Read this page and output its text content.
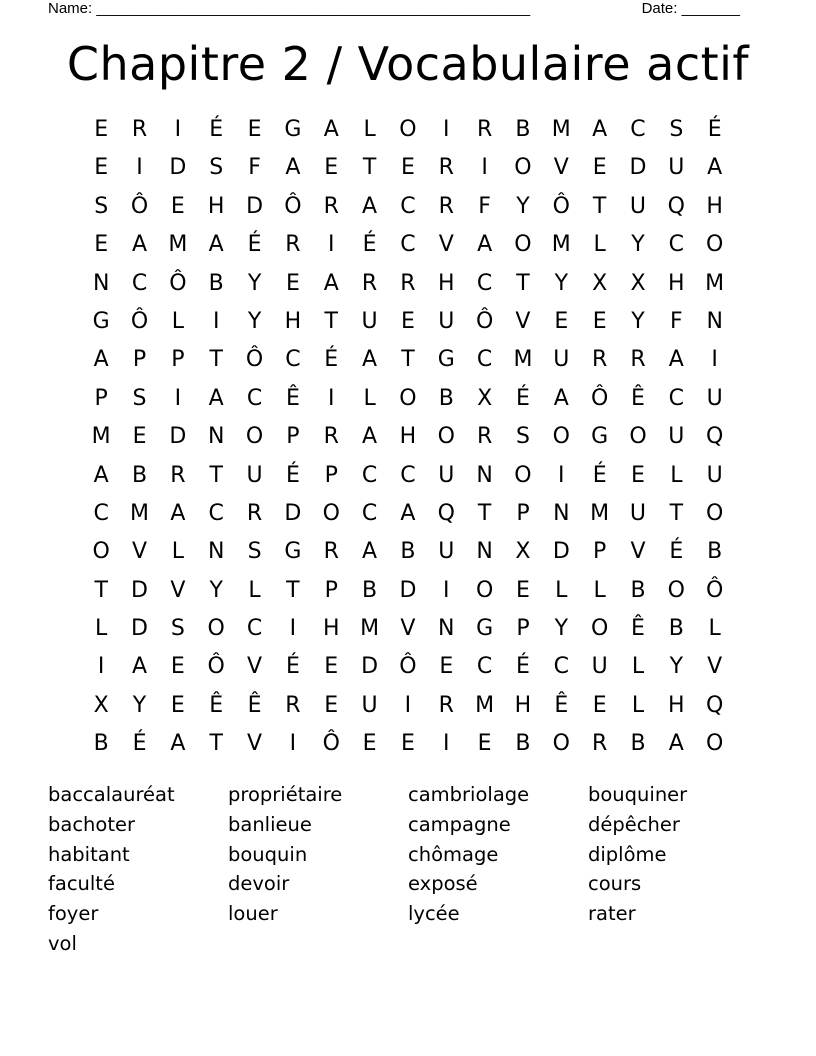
Name: ____________________________________________________	Date: _______
Chapitre 2 / Vocabulaire actif
E	R	I	É	E	G	A	L	O	I	R	B M A	C	S	É
E	I	D	S	F	A	E	T	E	R	I	O	V	E	D U	A
S	Ô	E	H D Ô	R	A	C	R	F	Y	Ô	T	U Q H
E	A M A	É	R	I	É	C	V	A	O M	L	Y	C O
N	C Ô	B	Y	E	A	R	R	H	C	T	Y	X	X	H M
G Ô	L	I	Y	H	T	U	E	U Ô	V	E	E	Y	F	N
A	P	P	T	Ô	C	É	A	T	G	C M U	R	R	A	I
P	S	I	A	C	Ê	I	L	O	B	X	É	A	Ô	Ê	C	U
M E	D N O	P	R	A	H O	R	S	O G O U Q
A	B	R	T	U	É	P	C	C	U	N O	I	É	E	L	U
C M A	C	R	D O	C	A	Q	T	P	N M U	T	O
O	V	L	N	S	G	R	A	B	U	N	X	D	P	V	É	B
T	D	V	Y	L	T	P	B	D	I	O	E	L	L	B	O Ô
L	D	S	O	C	I	H M V	N G	P	Y	O	Ê	B	L
I	A	E	Ô	V	É	E	D Ô	E	C	É	C	U	L	Y	V
X	Y	E	Ê	Ê	R	E	U	I	R M H	Ê	E	L	H Q
B	É	A	T	V	I	Ô	E	E	I	E	B	O	R	B	A	O
baccalauréat	propriétaire	cambriolage	bouquiner
bachoter	banlieue	campagne	dépêcher
habitant	bouquin	chômage	diplôme
faculté	devoir	exposé	cours
foyer	louer	lycée	rater
vol
